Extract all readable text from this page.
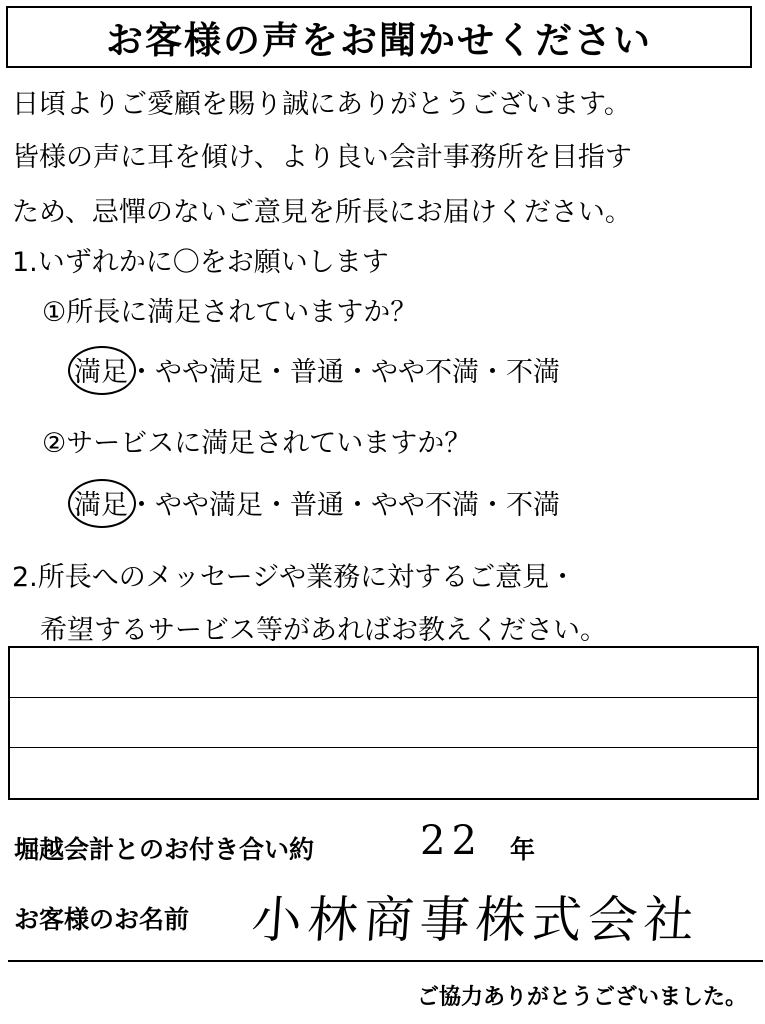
お客様の声をお聞かせください
日頃よりご愛顧を賜り誠にありがとうございます。
皆様の声に耳を傾け、より良い会計事務所を目指す
ため、忌憚のないご意見を所長にお届けください。
1.いずれかに〇をお願いします
①所長に満足されていますか？
満足・やや満足・普通・やや不満・不満
②サービスに満足されていますか？
満足・やや満足・普通・やや不満・不満
2.所長へのメッセージや業務に対するご意見・
希望するサービス等があればお教えください。
堀越会計とのお付き合い約	22 年
お客様のお名前 小林商事株式会社
ご協力ありがとうございました。
